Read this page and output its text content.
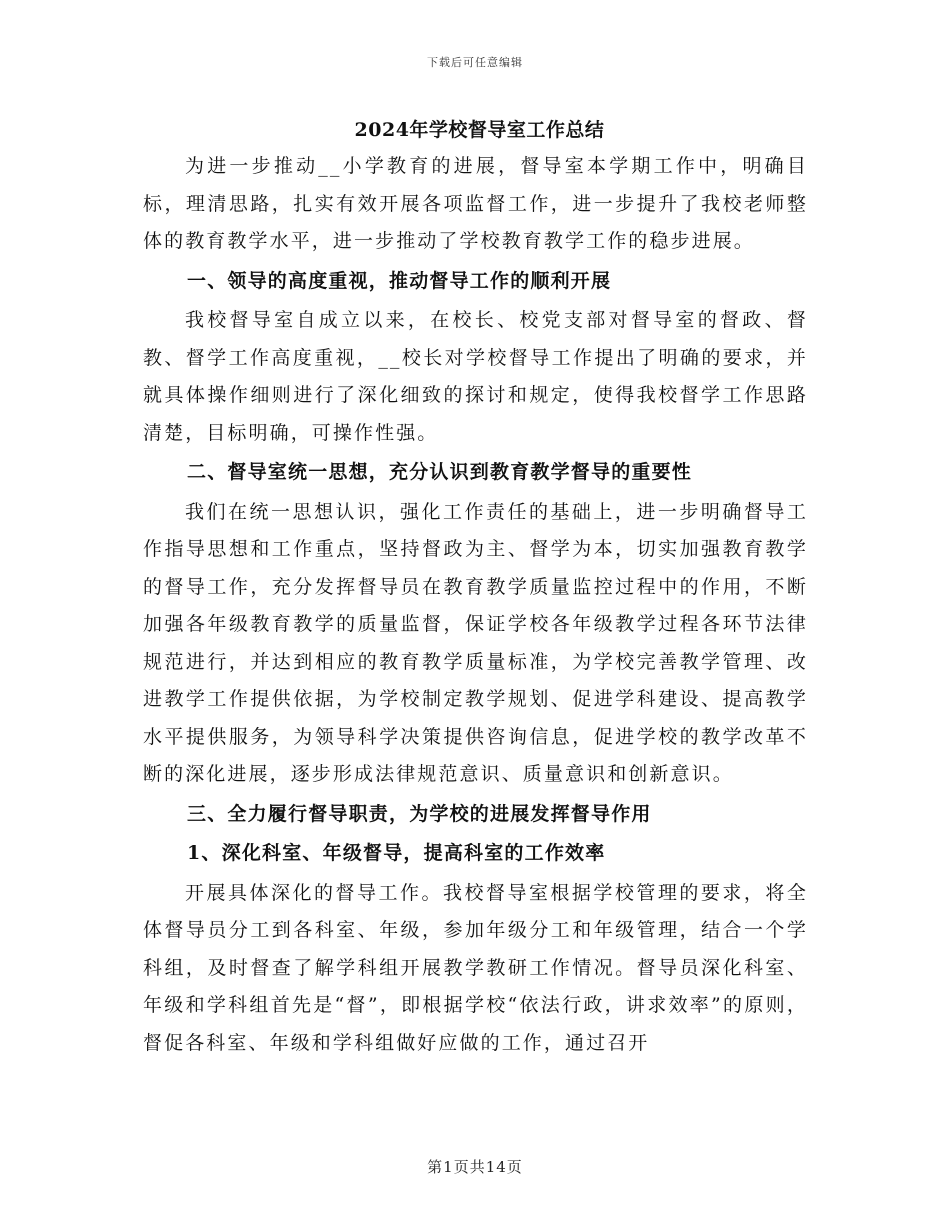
下载后可任意编辑
2024年学校督导室工作总结

为进一步推动__小学教育的进展，督导室本学期工作中，明确目标，理清思路，扎实有效开展各项监督工作，进一步提升了我校老师整体的教育教学水平，进一步推动了学校教育教学工作的稳步进展。

一、领导的高度重视，推动督导工作的顺利开展

我校督导室自成立以来，在校长、校党支部对督导室的督政、督教、督学工作高度重视，__校长对学校督导工作提出了明确的要求，并就具体操作细则进行了深化细致的探讨和规定，使得我校督学工作思路清楚，目标明确，可操作性强。

二、督导室统一思想，充分认识到教育教学督导的重要性

我们在统一思想认识，强化工作责任的基础上，进一步明确督导工作指导思想和工作重点，坚持督政为主、督学为本，切实加强教育教学的督导工作，充分发挥督导员在教育教学质量监控过程中的作用，不断加强各年级教育教学的质量监督，保证学校各年级教学过程各环节法律规范进行，并达到相应的教育教学质量标准，为学校完善教学管理、改进教学工作提供依据，为学校制定教学规划、促进学科建设、提高教学水平提供服务，为领导科学决策提供咨询信息，促进学校的教学改革不断的深化进展，逐步形成法律规范意识、质量意识和创新意识。

三、全力履行督导职责，为学校的进展发挥督导作用
1、深化科室、年级督导，提高科室的工作效率

开展具体深化的督导工作。我校督导室根据学校管理的要求，将全体督导员分工到各科室、年级，参加年级分工和年级管理，结合一个学科组，及时督查了解学科组开展教学教研工作情况。督导员深化科室、年级和学科组首先是“督”，即根据学校“依法行政，讲求效率”的原则，督促各科室、年级和学科组做好应做的工作，通过召开

第1页共14页
